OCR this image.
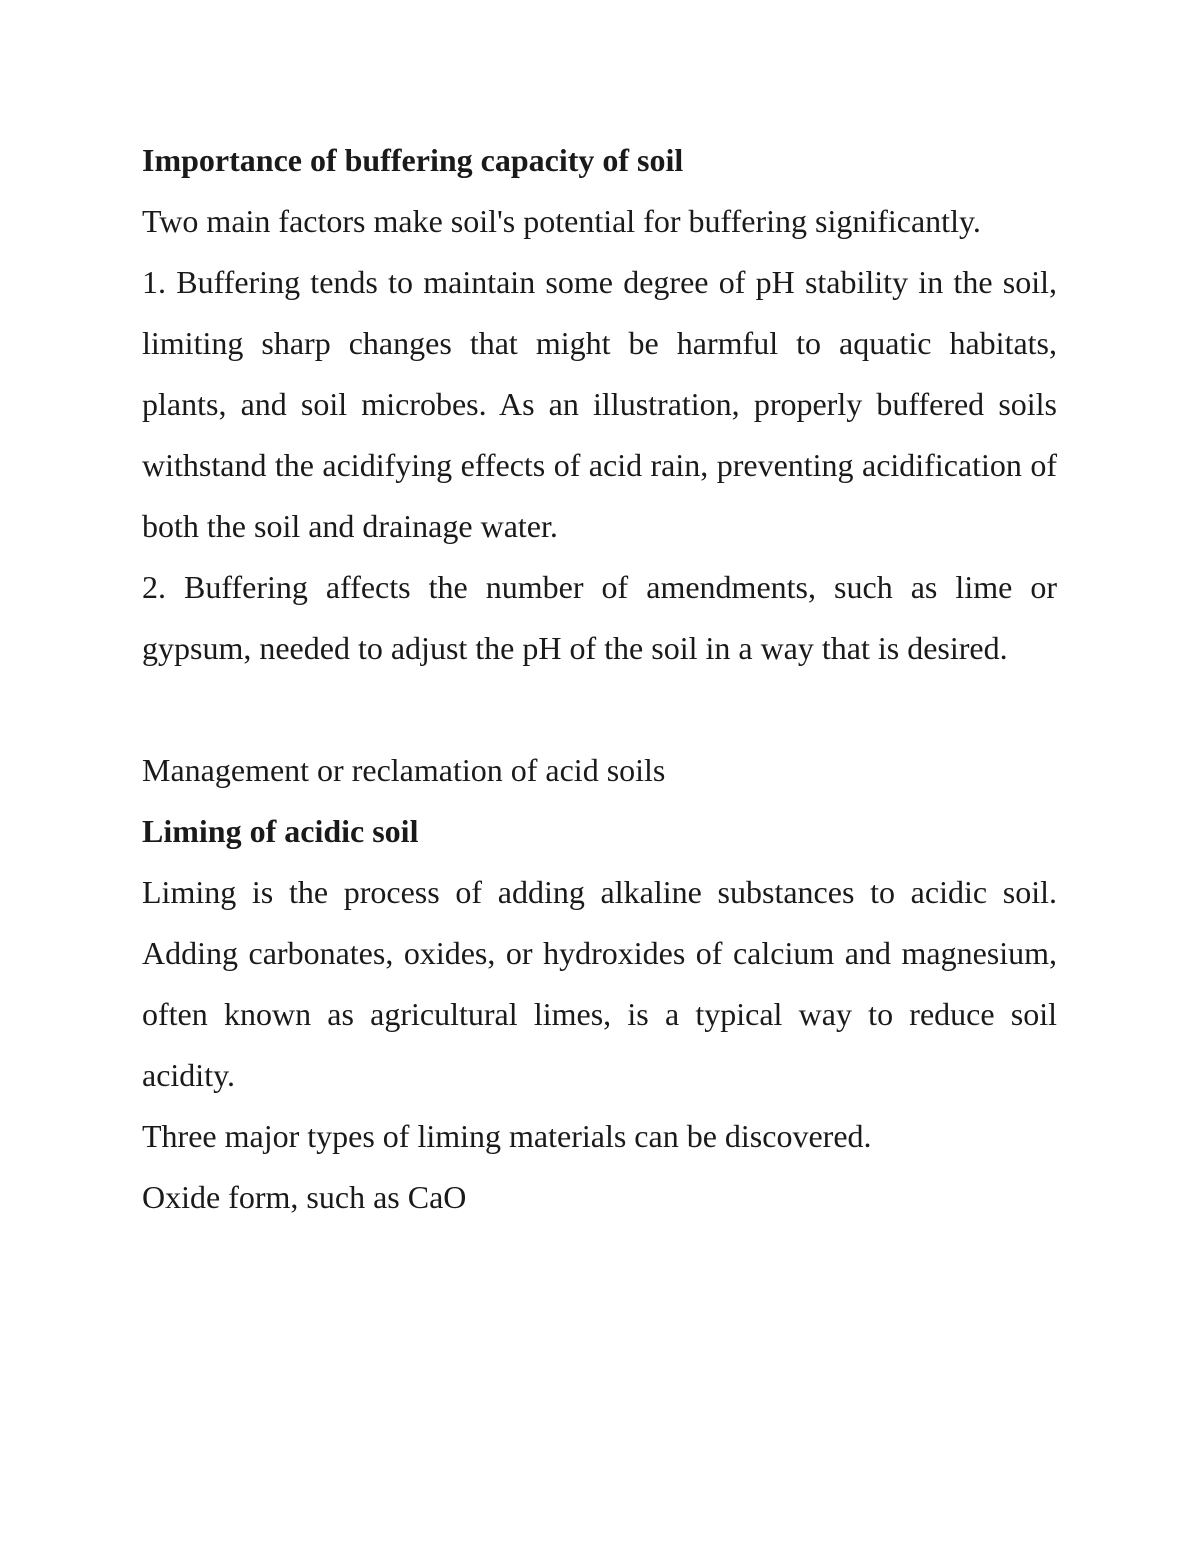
Importance of buffering capacity of soil

Two main factors make soil's potential for buffering significantly.

1. Buffering tends to maintain some degree of pH stability in the soil, limiting sharp changes that might be harmful to aquatic habitats, plants, and soil microbes. As an illustration, properly buffered soils withstand the acidifying effects of acid rain, preventing acidification of both the soil and drainage water.

2. Buffering affects the number of amendments, such as lime or gypsum, needed to adjust the pH of the soil in a way that is desired.

Management or reclamation of acid soils

Liming of acidic soil

Liming is the process of adding alkaline substances to acidic soil. Adding carbonates, oxides, or hydroxides of calcium and magnesium, often known as agricultural limes, is a typical way to reduce soil acidity.

Three major types of liming materials can be discovered.

Oxide form, such as CaO
